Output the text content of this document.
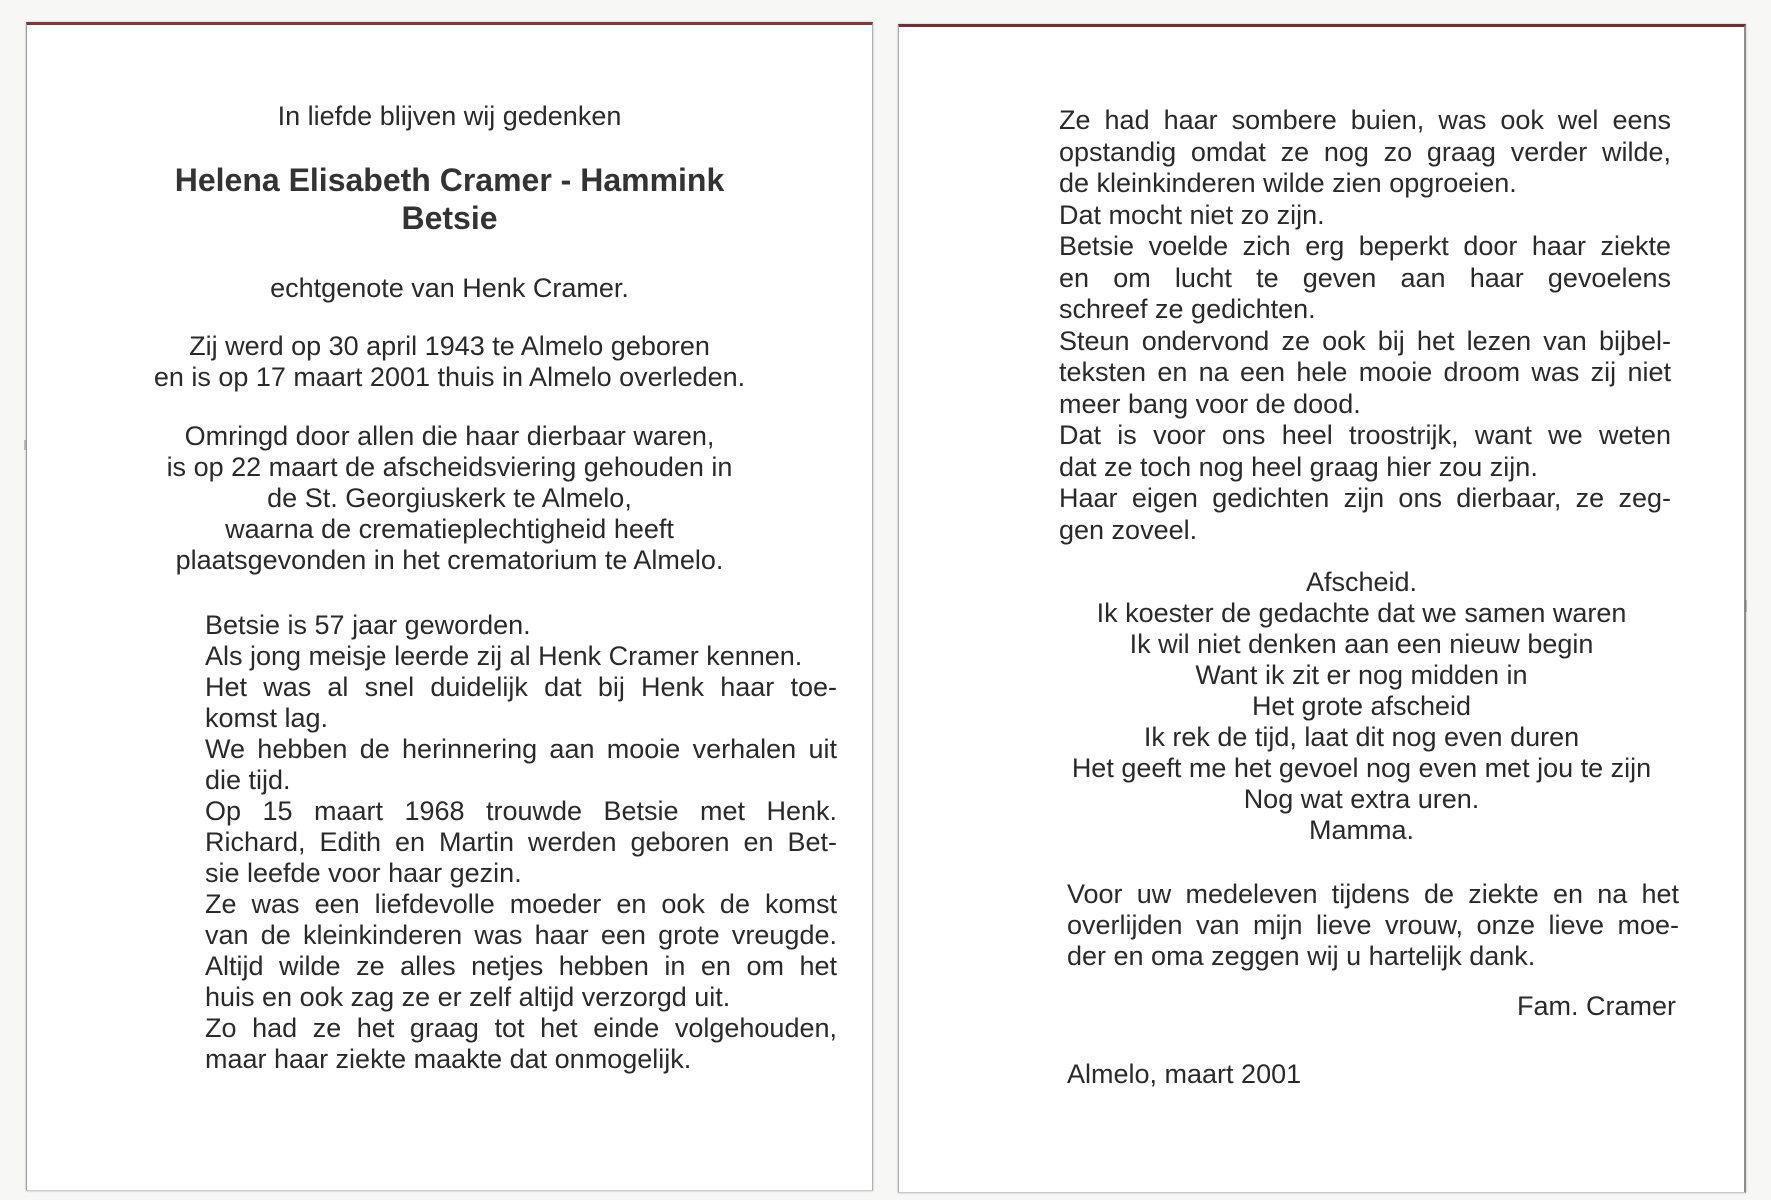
In liefde blijven wij gedenken
Helena Elisabeth Cramer - Hammink
Betsie
echtgenote van Henk Cramer.
Zij werd op 30 april 1943 te Almelo geboren
en is op 17 maart 2001 thuis in Almelo overleden.
Omringd door allen die haar dierbaar waren,
is op 22 maart de afscheidsviering gehouden in
de St. Georgiuskerk te Almelo,
waarna de crematieplechtigheid heeft
plaatsgevonden in het crematorium te Almelo.
Betsie is 57 jaar geworden.
Als jong meisje leerde zij al Henk Cramer kennen.
Het was al snel duidelijk dat bij Henk haar toe-
komst lag.
We hebben de herinnering aan mooie verhalen uit
die tijd.
Op 15 maart 1968 trouwde Betsie met Henk.
Richard, Edith en Martin werden geboren en Bet-
sie leefde voor haar gezin.
Ze was een liefdevolle moeder en ook de komst
van de kleinkinderen was haar een grote vreugde.
Altijd wilde ze alles netjes hebben in en om het
huis en ook zag ze er zelf altijd verzorgd uit.
Zo had ze het graag tot het einde volgehouden,
maar haar ziekte maakte dat onmogelijk.
Ze had haar sombere buien, was ook wel eens
opstandig omdat ze nog zo graag verder wilde,
de kleinkinderen wilde zien opgroeien.
Dat mocht niet zo zijn.
Betsie voelde zich erg beperkt door haar ziekte
en om lucht te geven aan haar gevoelens
schreef ze gedichten.
Steun ondervond ze ook bij het lezen van bijbel-
teksten en na een hele mooie droom was zij niet
meer bang voor de dood.
Dat is voor ons heel troostrijk, want we weten
dat ze toch nog heel graag hier zou zijn.
Haar eigen gedichten zijn ons dierbaar, ze zeg-
gen zoveel.
Afscheid.
Ik koester de gedachte dat we samen waren
Ik wil niet denken aan een nieuw begin
Want ik zit er nog midden in
Het grote afscheid
Ik rek de tijd, laat dit nog even duren
Het geeft me het gevoel nog even met jou te zijn
Nog wat extra uren.
Mamma.
Voor uw medeleven tijdens de ziekte en na het
overlijden van mijn lieve vrouw, onze lieve moe-
der en oma zeggen wij u hartelijk dank.
Fam. Cramer
Almelo, maart 2001
